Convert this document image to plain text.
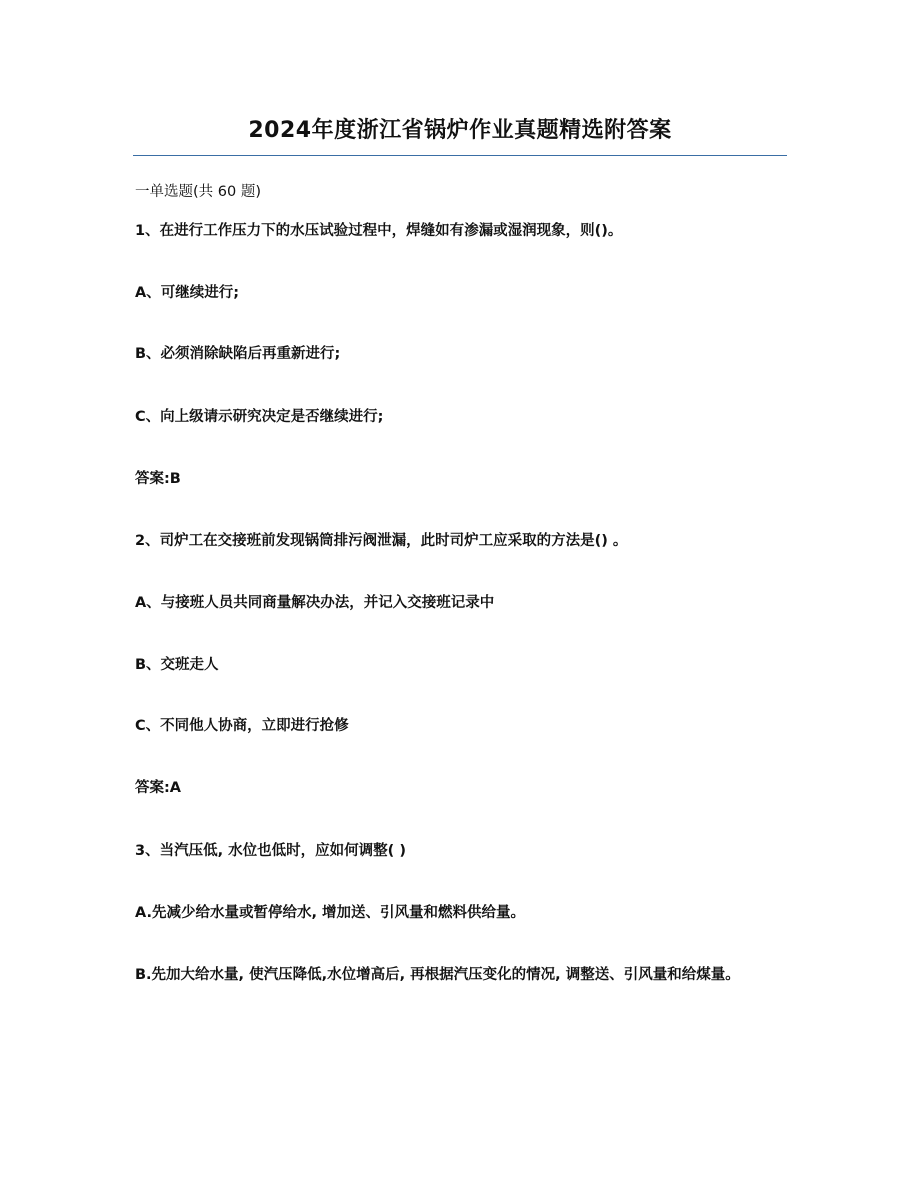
2024年度浙江省锅炉作业真题精选附答案
一单选题(共 60 题)
1、在进行工作压力下的水压试验过程中，焊缝如有渗漏或湿润现象，则()。
A、可继续进行;
B、必须消除缺陷后再重新进行;
C、向上级请示研究决定是否继续进行;
答案:B
2、司炉工在交接班前发现锅筒排污阀泄漏，此时司炉工应采取的方法是() 。
A、与接班人员共同商量解决办法，并记入交接班记录中
B、交班走人
C、不同他人协商，立即进行抢修
答案:A
3、当汽压低, 水位也低时，应如何调整( )
A.先减少给水量或暂停给水, 增加送、引风量和燃料供给量。
B.先加大给水量, 使汽压降低,水位增高后, 再根据汽压变化的情况, 调整送、引风量和给煤量。
